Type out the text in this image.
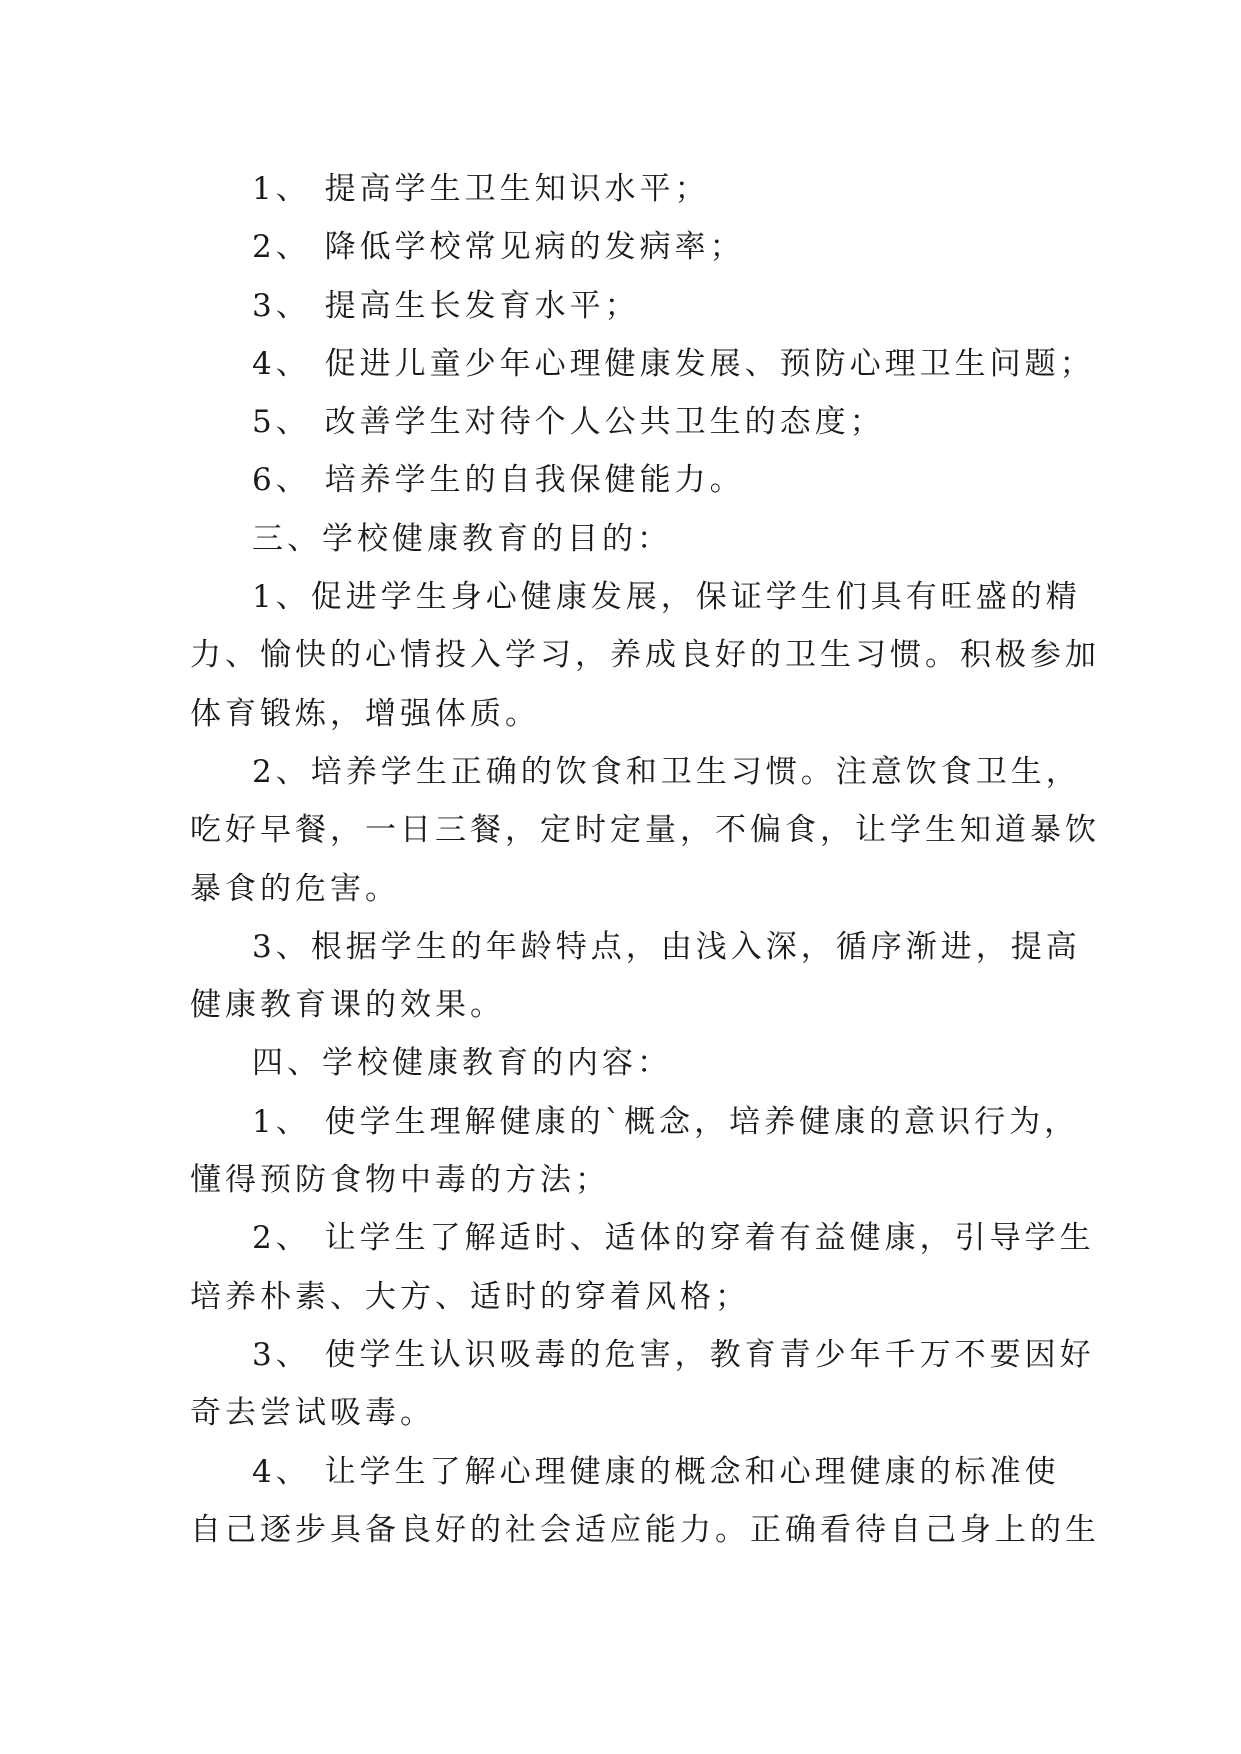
1、 提高学生卫生知识水平；

2、 降低学校常见病的发病率；

3、 提高生长发育水平；

4、 促进儿童少年心理健康发展、预防心理卫生问题；

5、 改善学生对待个人公共卫生的态度；

6、 培养学生的自我保健能力。

三、学校健康教育的目的：

1、促进学生身心健康发展，保证学生们具有旺盛的精

力、愉快的心情投入学习，养成良好的卫生习惯。积极参加

体育锻炼，增强体质。

2、培养学生正确的饮食和卫生习惯。注意饮食卫生，

吃好早餐，一日三餐，定时定量，不偏食，让学生知道暴饮

暴食的危害。

3、根据学生的年龄特点，由浅入深，循序渐进，提高

健康教育课的效果。

四、学校健康教育的内容：

1、 使学生理解健康的`概念，培养健康的意识行为，

懂得预防食物中毒的方法；

2、 让学生了解适时、适体的穿着有益健康，引导学生

培养朴素、大方、适时的穿着风格；

3、 使学生认识吸毒的危害，教育青少年千万不要因好

奇去尝试吸毒。

4、 让学生了解心理健康的概念和心理健康的标准使

自己逐步具备良好的社会适应能力。正确看待自己身上的生
